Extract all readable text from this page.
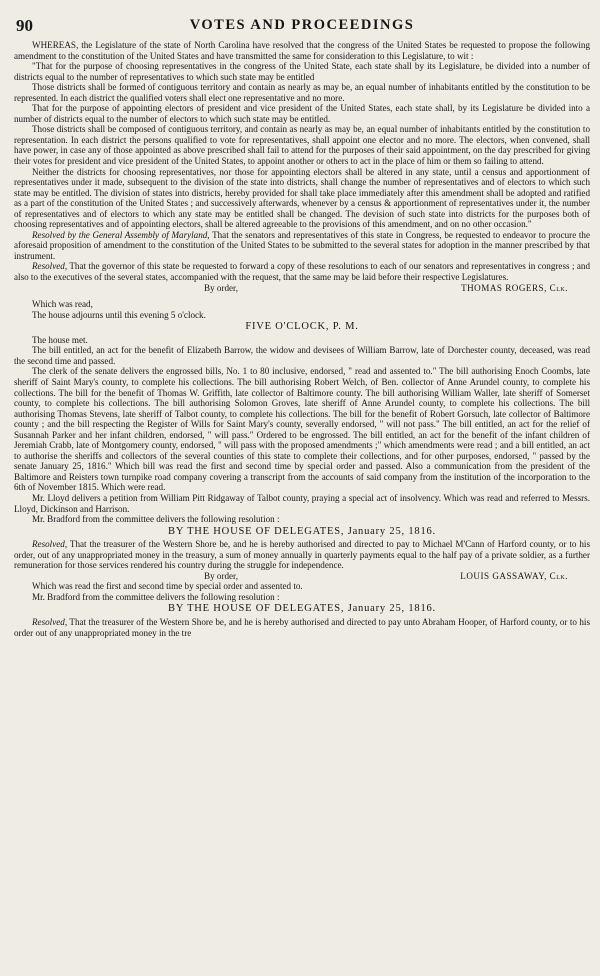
90	VOTES AND PROCEEDINGS

WHEREAS, the Legislature of the state of North Carolina have resolved that the congress of the United States be requested to propose the following amendment to the constitution of the United States and have transmitted the same for consideration to this Legislature, to wit :

"That for the purpose of choosing representatives in the congress of the United State, each state shall by its Legislature, be divided into a number of districts equal to the number of representatives to which such state may be entitled

Those districts shall be formed of contiguous territory and contain as nearly as may be, an equal number of inhabitants entitled by the constitution to be represented. In each district the qualified voters shall elect one representative and no more.

That for the purpose of appointing electors of president and vice president of the United States, each state shall, by its Legislature be divided into a number of districts equal to the number of electors to which such state may be entitled.

Those districts shall be composed of contiguous territory, and contain as nearly as may be, an equal number of inhabitants entitled by the constitution to representation. In each district the persons qualified to vote for representatives, shall appoint one elector and no more. The electors, when convened, shall have power, in case any of those appointed as above prescribed shall fail to attend for the purposes of their said appointment, on the day prescribed for giving their votes for president and vice president of the United States, to appoint another or others to act in the place of him or them so failing to attend.

Neither the districts for choosing representatives, nor those for appointing electors shall be altered in any state, until a census and apportionment of representatives under it made, subsequent to the division of the state into districts, shall change the number of representatives and of electors to which such state may be entitled. The division of states into districts, hereby provided for shall take place immediately after this amendment shall be adopted and ratified as a part of the constitution of the United States ; and successively afterwards, whenever by a census & apportionment of representatives under it, the number of representatives and of electors to which any state may be entitled shall be changed. The devision of such state into districts for the purposes both of choosing representatives and of appointing electors, shall be altered agreeable to the provisions of this amendment, and on no other occasion."

Resolved by the General Assembly of Maryland, That the senators and representatives of this state in Congress, be requested to endeavor to procure the aforesaid proposition of amendment to the constitution of the United States to be submitted to the several states for adoption in the manner prescribed by that instrument.

Resolved, That the governor of this state be requested to forward a copy of these resolutions to each of our senators and representatives in congress ; and also to the executives of the several states, accompanied with the request, that the same may be laid before their respective Legislatures.

By order,	THOMAS ROGERS, Clk.

Which was read,

The house adjourns until this evening 5 o'clock.

FIVE O'CLOCK, P. M.

The house met.

The bill entitled, an act for the benefit of Elizabeth Barrow, the widow and devisees of William Barrow, late of Dorchester county, deceased, was read the second time and passed.

The clerk of the senate delivers the engrossed bills, No. 1 to 80 inclusive, endorsed, " read and assented to." The bill authorising Enoch Coombs, late sheriff of Saint Mary's county, to complete his collections. The bill authorising Robert Welch, of Ben. collector of Anne Arundel county, to complete his collections. The bill for the benefit of Thomas W. Griffith, late collector of Baltimore county. The bill authorising William Waller, late sheriff of Somerset county, to complete his collections. The bill authorising Solomon Groves, late sheriff of Anne Arundel county, to complete his collections. The bill authorising Thomas Stevens, late sheriff of Talbot county, to complete his collections. The bill for the benefit of Robert Gorsuch, late collector of Baltimore county ; and the bill respecting the Register of Wills for Saint Mary's county, severally endorsed, " will not pass." The bill entitled, an act for the relief of Susannah Parker and her infant children, endorsed, " will pass." Ordered to be engrossed. The bill entitled, an act for the benefit of the infant children of Jeremiah Crabb, late of Montgomery county, endorsed, " will pass with the proposed amendments ;" which amendments were read ; and a bill entitled, an act to authorise the sheriffs and collectors of the several counties of this state to complete their collections, and for other purposes, endorsed, " passed by the senate January 25, 1816." Which bill was read the first and second time by special order and passed. Also a communication from the president of the Baltimore and Reisters town turnpike road company covering a transcript from the accounts of said company from the institution of the incorporation to the 6th of November 1815. Which were read.

Mr. Lloyd delivers a petition from William Pitt Ridgaway of Talbot county, praying a special act of insolvency. Which was read and referred to Messrs. Lloyd, Dickinson and Harrison.

Mr. Bradford from the committee delivers the following resolution :

BY THE HOUSE OF DELEGATES, January 25, 1816.

Resolved, That the treasurer of the Western Shore be, and he is hereby authorised and directed to pay to Michael M'Cann of Harford county, or to his order, out of any unappropriated money in the treasury, a sum of money annually in quarterly payments equal to the half pay of a private soldier, as a further remuneration for those services rendered his country during the struggle for independence.

By order,	LOUIS GASSAWAY, Clk.

Which was read the first and second time by special order and assented to.

Mr. Bradford from the committee delivers the following resolution :

BY THE HOUSE OF DELEGATES, January 25, 1816.

Resolved, That the treasurer of the Western Shore be, and he is hereby authorised and directed to pay unto Abraham Hooper, of Harford county, or to his order out of any unappropriated money in the tre
